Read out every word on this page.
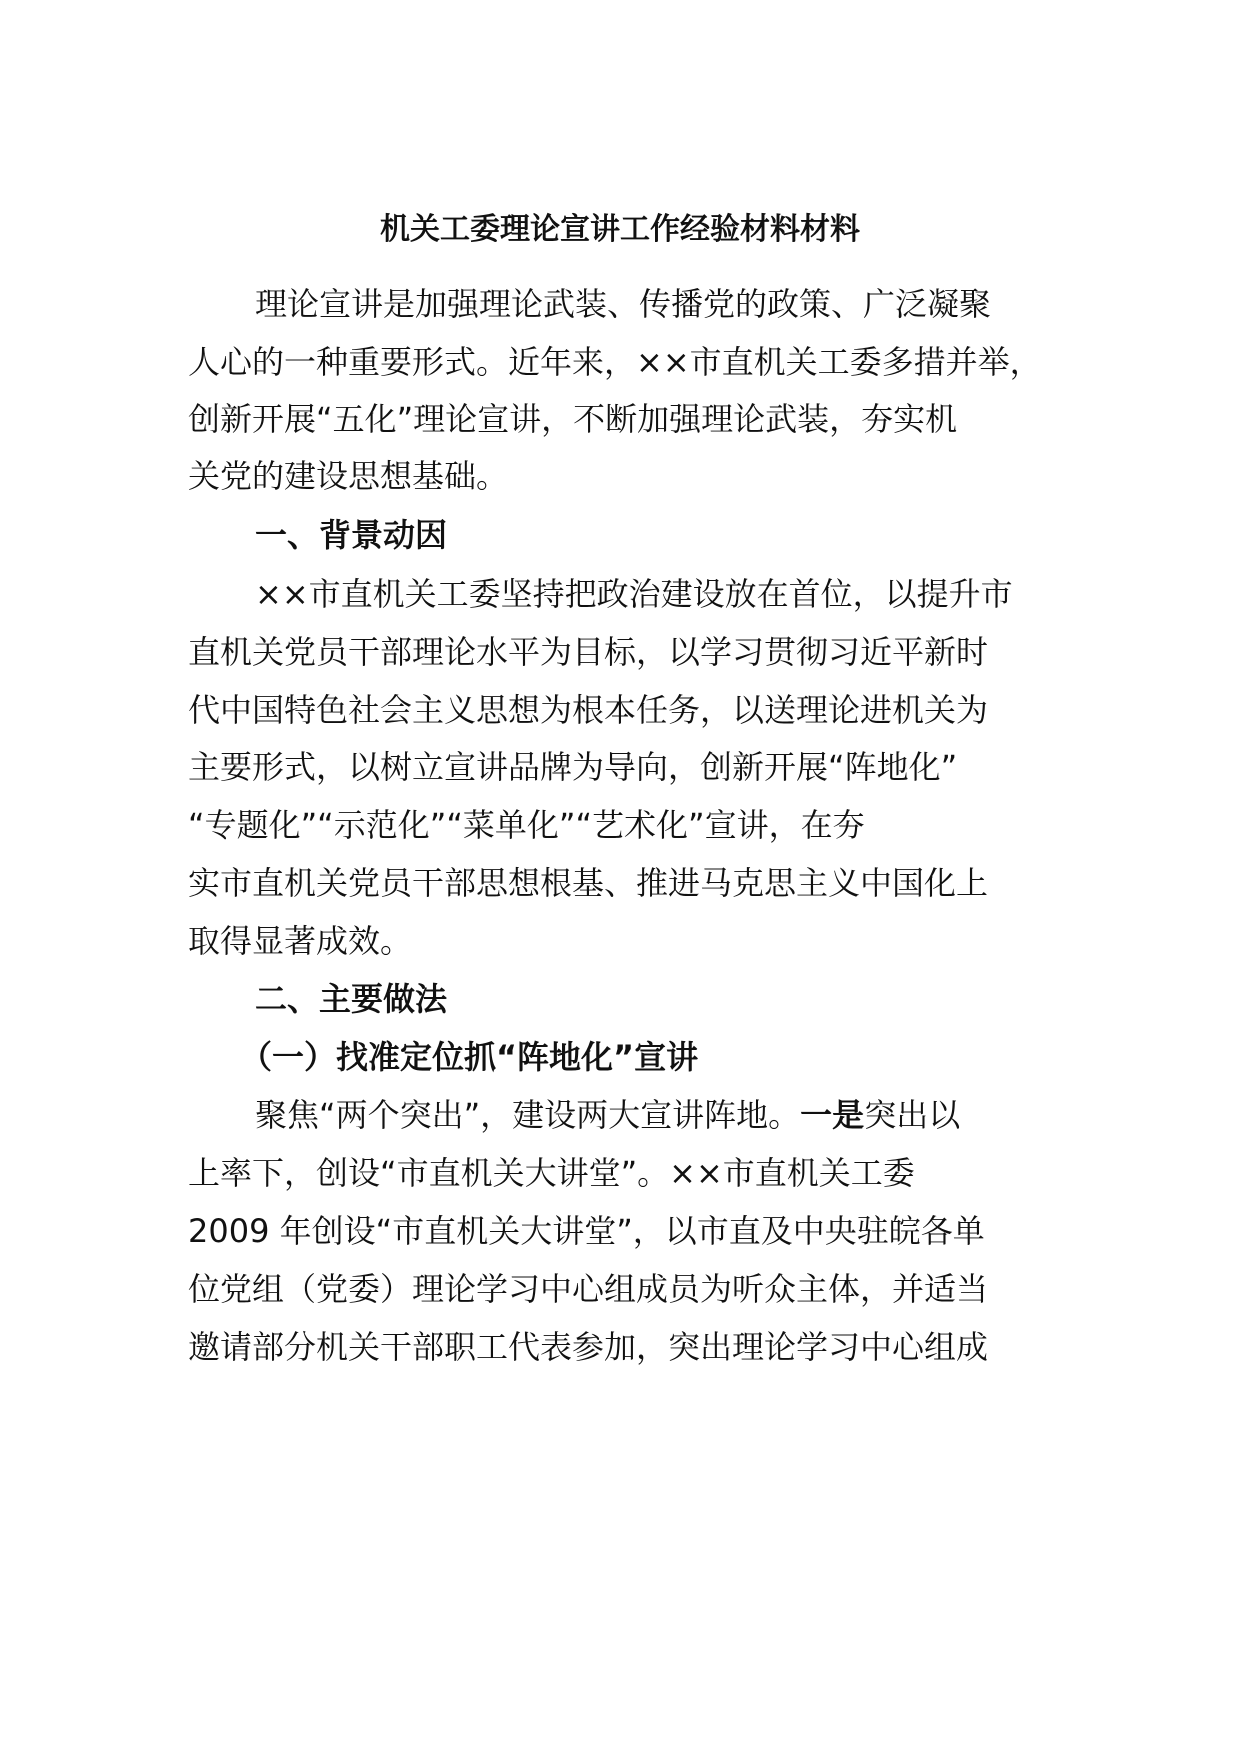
机关工委理论宣讲工作经验材料材料
理论宣讲是加强理论武装、传播党的政策、广泛凝聚
人心的一种重要形式。近年来，××市直机关工委多措并举，
创新开展“五化”理论宣讲，不断加强理论武装，夯实机
关党的建设思想基础。
一、背景动因
××市直机关工委坚持把政治建设放在首位，以提升市
直机关党员干部理论水平为目标，以学习贯彻习近平新时
代中国特色社会主义思想为根本任务，以送理论进机关为
主要形式，以树立宣讲品牌为导向，创新开展“阵地化”
“专题化”“示范化”“菜单化”“艺术化”宣讲，在夯
实市直机关党员干部思想根基、推进马克思主义中国化上
取得显著成效。
二、主要做法
（一）找准定位抓“阵地化”宣讲
聚焦“两个突出”，建设两大宣讲阵地。一是突出以
上率下，创设“市直机关大讲堂”。××市直机关工委
2009 年创设“市直机关大讲堂”，以市直及中央驻皖各单
位党组（党委）理论学习中心组成员为听众主体，并适当
邀请部分机关干部职工代表参加，突出理论学习中心组成
